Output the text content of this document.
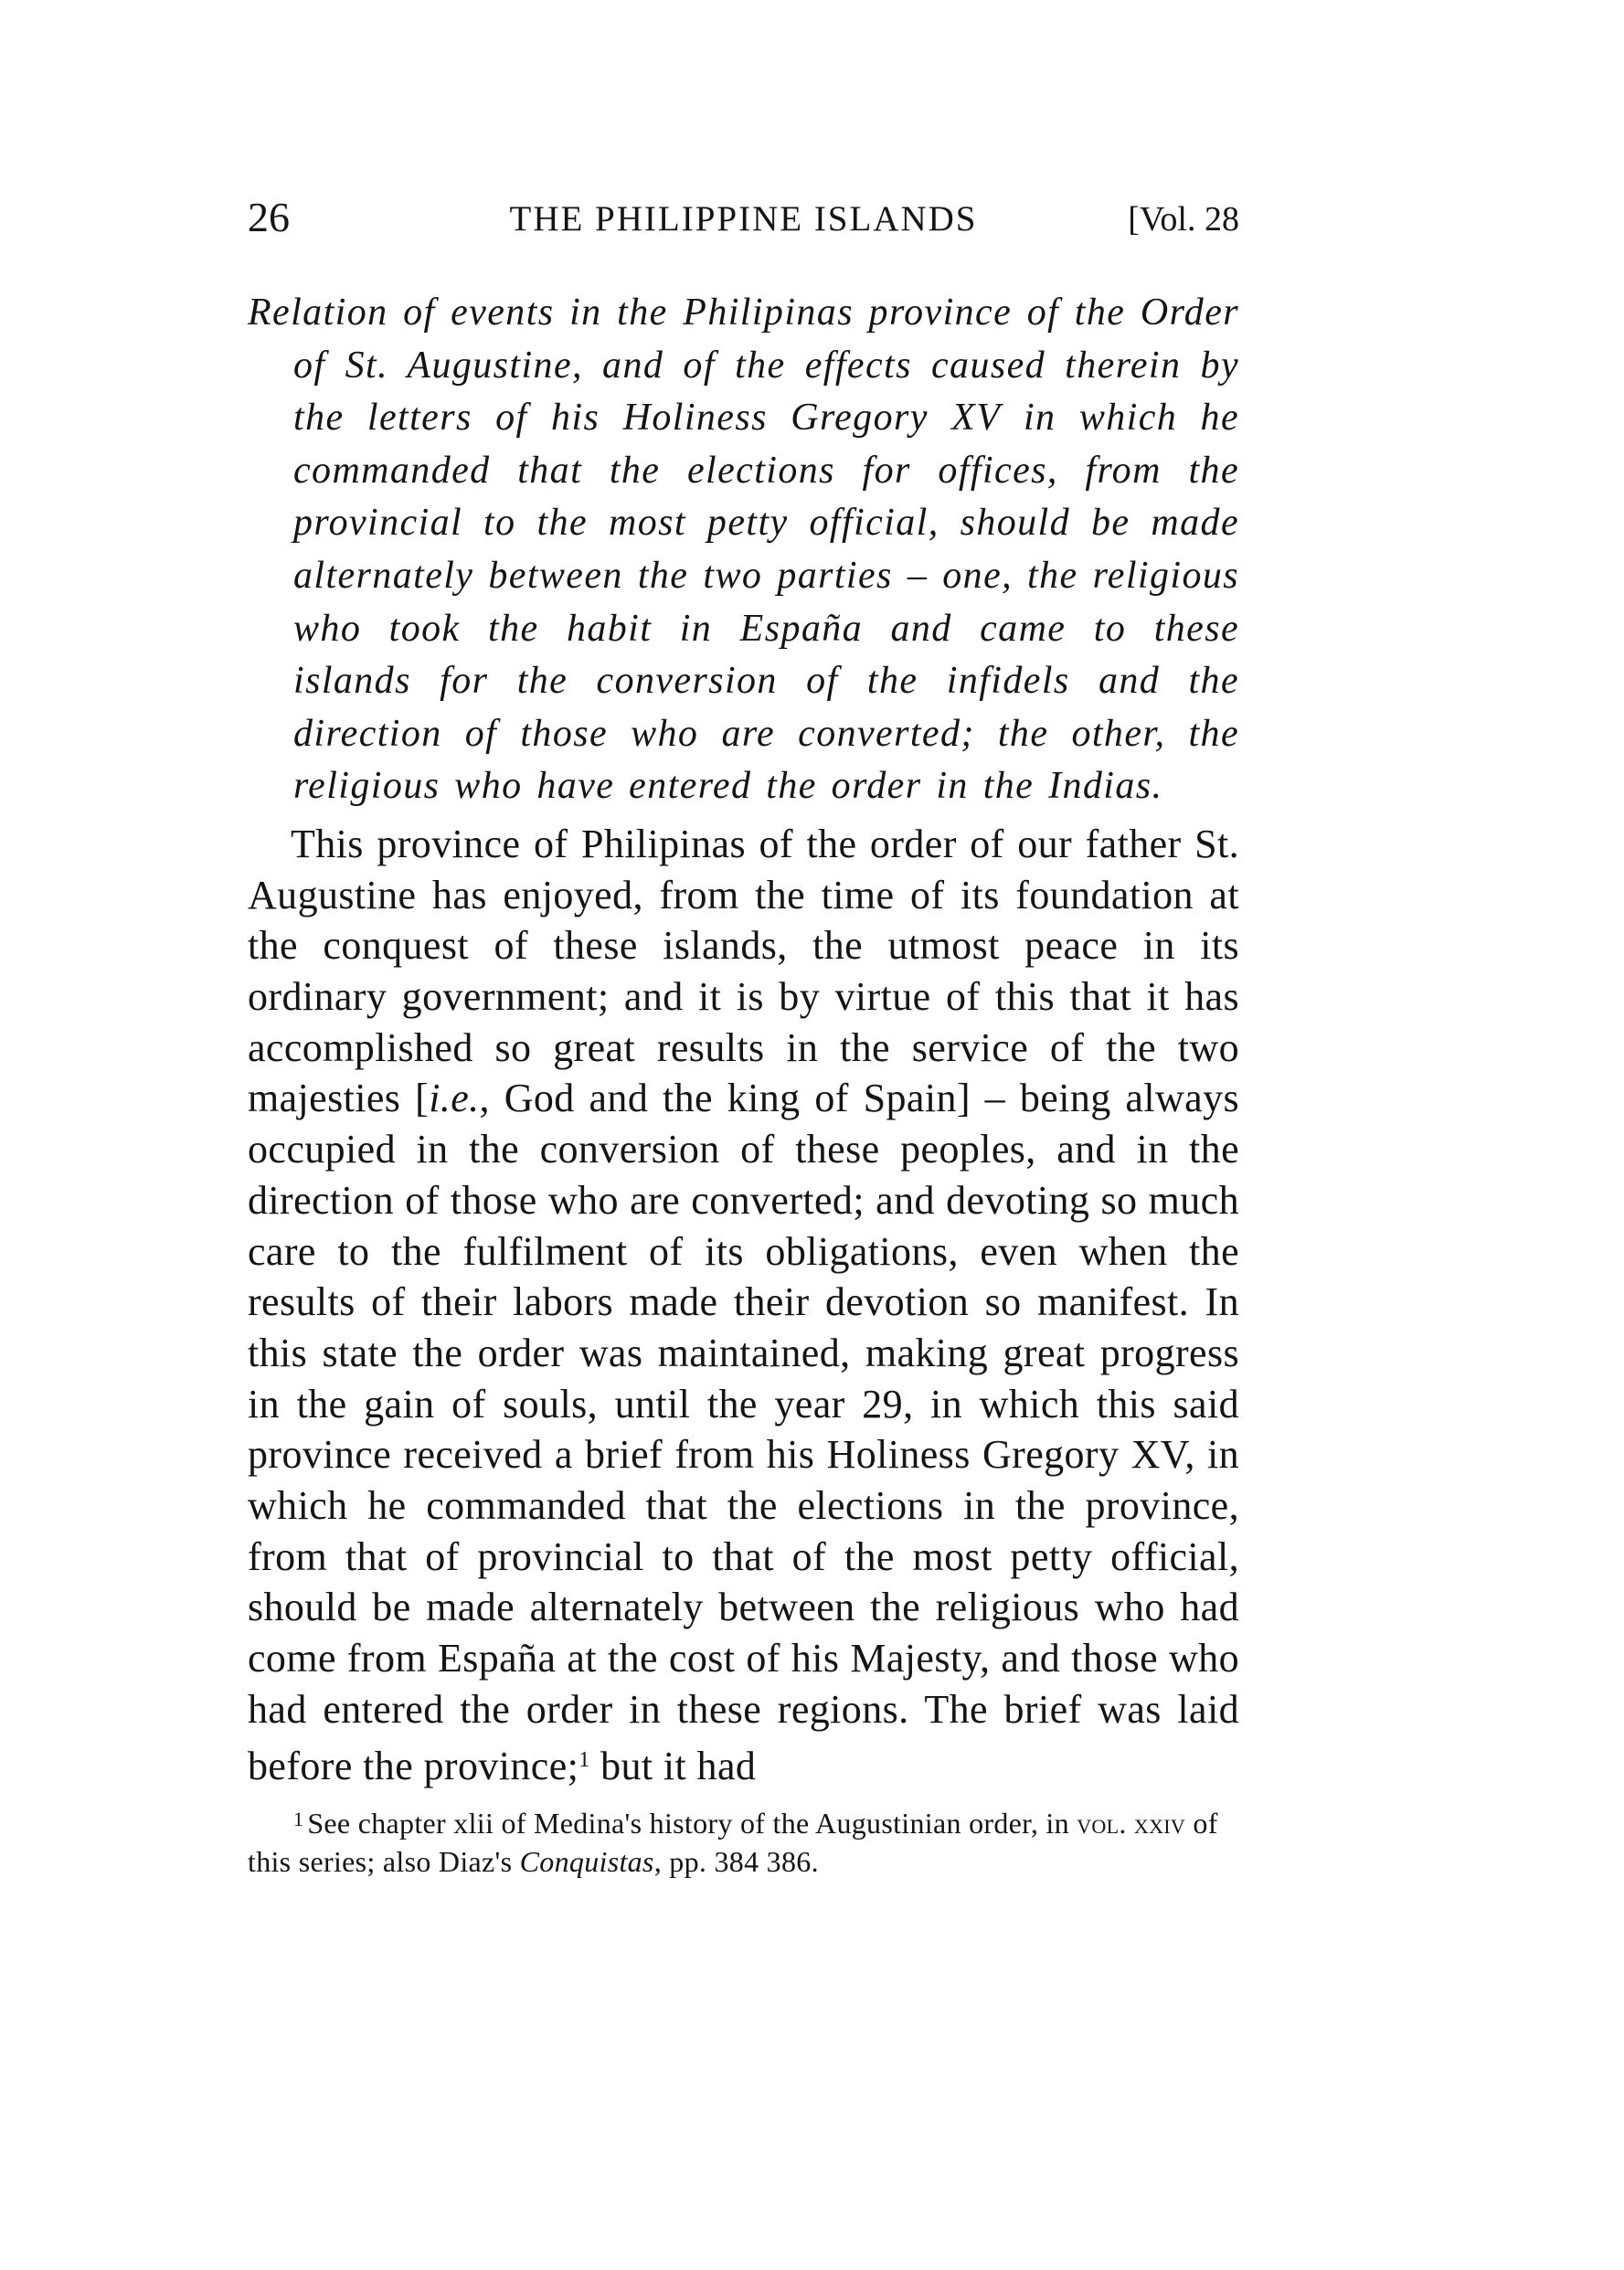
26	THE PHILIPPINE ISLANDS	[Vol. 28
Relation of events in the Philipinas province of the Order of St. Augustine, and of the effects caused therein by the letters of his Holiness Gregory XV in which he commanded that the elections for offices, from the provincial to the most petty official, should be made alternately between the two parties – one, the religious who took the habit in España and came to these islands for the conversion of the infidels and the direction of those who are converted; the other, the religious who have entered the order in the Indias.
This province of Philipinas of the order of our father St. Augustine has enjoyed, from the time of its foundation at the conquest of these islands, the utmost peace in its ordinary government; and it is by virtue of this that it has accomplished so great results in the service of the two majesties [i.e., God and the king of Spain] – being always occupied in the conversion of these peoples, and in the direction of those who are converted; and devoting so much care to the fulfilment of its obligations, even when the results of their labors made their devotion so manifest. In this state the order was maintained, making great progress in the gain of souls, until the year 29, in which this said province received a brief from his Holiness Gregory XV, in which he commanded that the elections in the province, from that of provincial to that of the most petty official, should be made alternately between the religious who had come from España at the cost of his Majesty, and those who had entered the order in these regions. The brief was laid before the province;$^1$ but it had
$^1$ See chapter xlii of Medina's history of the Augustinian order, in vol. xxiv of this series; also Diaz's Conquistas, pp. 384 386.
